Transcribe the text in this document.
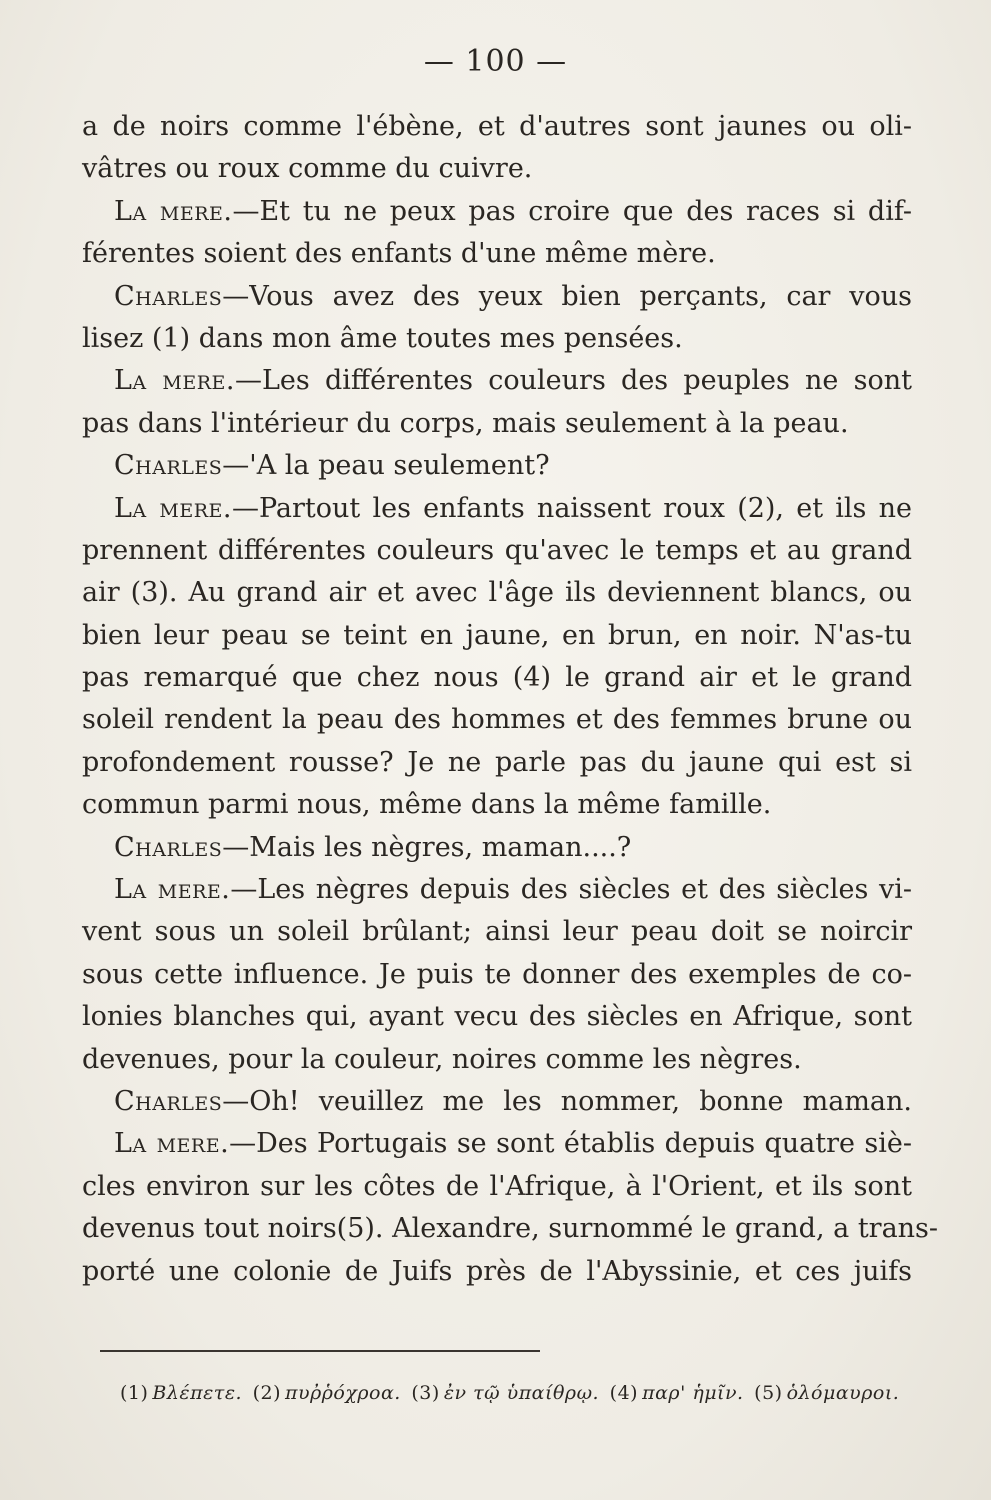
— 100 —
a de noirs comme l'ébène, et d'autres sont jaunes ou oli-
vâtres ou roux comme du cuivre.
La mere.—Et tu ne peux pas croire que des races si dif-
férentes soient des enfants d'une même mère.
Charles—Vous avez des yeux bien perçants, car vous
lisez (1) dans mon âme toutes mes pensées.
La mere.—Les différentes couleurs des peuples ne sont
pas dans l'intérieur du corps, mais seulement à la peau.
Charles—'A la peau seulement?
La mere.—Partout les enfants naissent roux (2), et ils ne
prennent différentes couleurs qu'avec le temps et au grand
air (3). Au grand air et avec l'âge ils deviennent blancs, ou
bien leur peau se teint en jaune, en brun, en noir. N'as-tu
pas remarqué que chez nous (4) le grand air et le grand
soleil rendent la peau des hommes et des femmes brune ou
profondement rousse? Je ne parle pas du jaune qui est si
commun parmi nous, même dans la même famille.
Charles—Mais les nègres, maman....?
La mere.—Les nègres depuis des siècles et des siècles vi-
vent sous un soleil brûlant; ainsi leur peau doit se noircir
sous cette influence. Je puis te donner des exemples de co-
lonies blanches qui, ayant vecu des siècles en Afrique, sont
devenues, pour la couleur, noires comme les nègres.
Charles—Oh! veuillez me les nommer, bonne maman.
La mere.—Des Portugais se sont établis depuis quatre siè-
cles environ sur les côtes de l'Afrique, à l'Orient, et ils sont
devenus tout noirs(5). Alexandre, surnommé le grand, a trans-
porté une colonie de Juifs près de l'Abyssinie, et ces juifs
(1) Βλέπετε. (2) πυῤῥόχροα. (3) ἐν τῷ ὑπαίθρῳ. (4) παρ' ἡμῖν. (5) ὁλόμαυροι.
